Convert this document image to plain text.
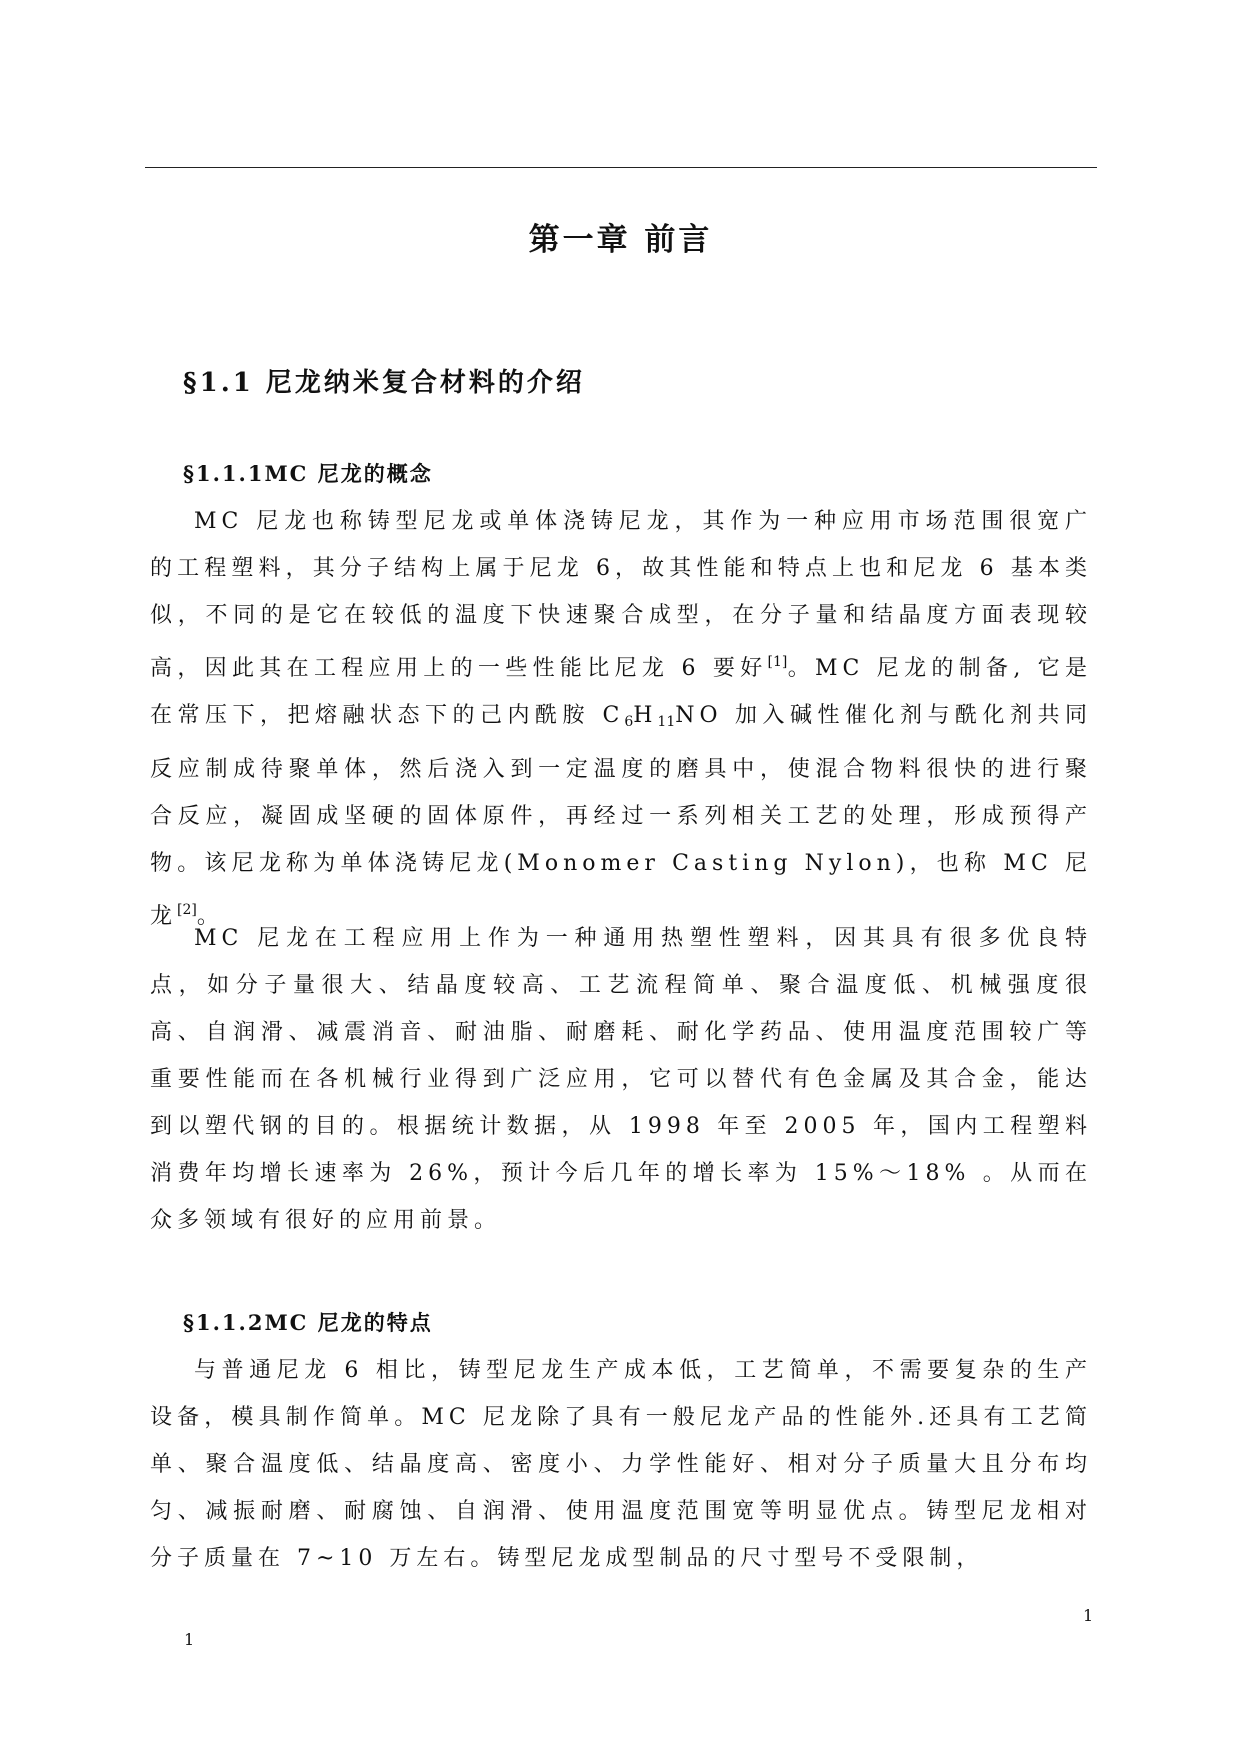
第一章 前言
§1.1 尼龙纳米复合材料的介绍
§1.1.1MC 尼龙的概念

MC 尼龙也称铸型尼龙或单体浇铸尼龙，其作为一种应用市场范围很宽广的工程塑料，其分子结构上属于尼龙 6，故其性能和特点上也和尼龙 6 基本类似，不同的是它在较低的温度下快速聚合成型，在分子量和结晶度方面表现较高，因此其在工程应用上的一些性能比尼龙 6 要好[1]。MC 尼龙的制备, 它是在常压下，把熔融状态下的己内酰胺 $C_6H_{11}NO$ 加入碱性催化剂与酰化剂共同反应制成待聚单体，然后浇入到一定温度的磨具中，使混合物料很快的进行聚合反应，凝固成坚硬的固体原件，再经过一系列相关工艺的处理，形成预得产物。该尼龙称为单体浇铸尼龙(Monomer Casting Nylon)，也称 MC 尼龙[2]。

MC 尼龙在工程应用上作为一种通用热塑性塑料，因其具有很多优良特点，如分子量很大、结晶度较高、工艺流程简单、聚合温度低、机械强度很高、自润滑、减震消音、耐油脂、耐磨耗、耐化学药品、使用温度范围较广等重要性能而在各机械行业得到广泛应用，它可以替代有色金属及其合金，能达到以塑代钢的目的。根据统计数据，从 1998 年至 2005 年，国内工程塑料消费年均增长速率为 26%，预计今后几年的增长率为 15%～18% 。从而在众多领域有很好的应用前景。

§1.1.2MC 尼龙的特点

与普通尼龙 6 相比，铸型尼龙生产成本低，工艺简单，不需要复杂的生产设备，模具制作简单。MC 尼龙除了具有一般尼龙产品的性能外.还具有工艺简单、聚合温度低、结晶度高、密度小、力学性能好、相对分子质量大且分布均匀、减振耐磨、耐腐蚀、自润滑、使用温度范围宽等明显优点。铸型尼龙相对分子质量在 7~10 万左右。铸型尼龙成型制品的尺寸型号不受限制，

1
1
